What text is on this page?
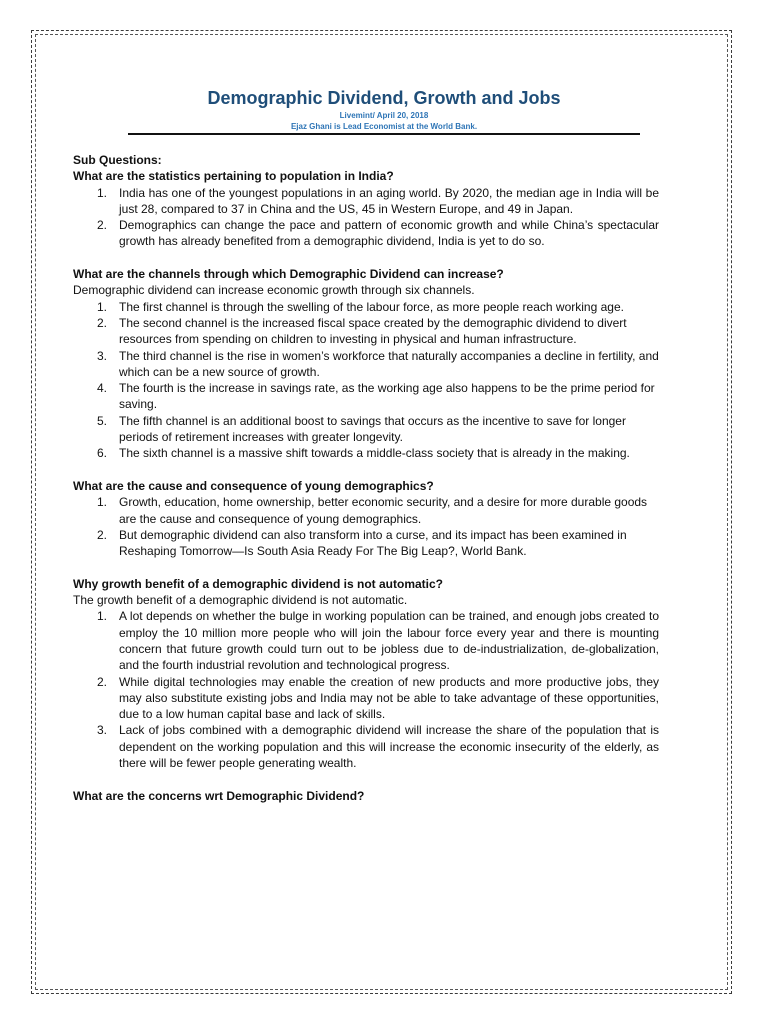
Demographic Dividend, Growth and Jobs
Livemint/ April 20, 2018
Ejaz Ghani is Lead Economist at the World Bank.

Sub Questions:

What are the statistics pertaining to population in India?

1. India has one of the youngest populations in an aging world. By 2020, the median age in India will be just 28, compared to 37 in China and the US, 45 in Western Europe, and 49 in Japan.
2. Demographics can change the pace and pattern of economic growth and while China’s spectacular growth has already benefited from a demographic dividend, India is yet to do so.

What are the channels through which Demographic Dividend can increase?

Demographic dividend can increase economic growth through six channels.

1. The first channel is through the swelling of the labour force, as more people reach working age.
2. The second channel is the increased fiscal space created by the demographic dividend to divert resources from spending on children to investing in physical and human infrastructure.
3. The third channel is the rise in women’s workforce that naturally accompanies a decline in fertility, and which can be a new source of growth.
4. The fourth is the increase in savings rate, as the working age also happens to be the prime period for saving.
5. The fifth channel is an additional boost to savings that occurs as the incentive to save for longer periods of retirement increases with greater longevity.
6. The sixth channel is a massive shift towards a middle-class society that is already in the making.

What are the cause and consequence of young demographics?

1. Growth, education, home ownership, better economic security, and a desire for more durable goods are the cause and consequence of young demographics.
2. But demographic dividend can also transform into a curse, and its impact has been examined in Reshaping Tomorrow—Is South Asia Ready For The Big Leap?, World Bank.

Why growth benefit of a demographic dividend is not automatic?

The growth benefit of a demographic dividend is not automatic.

1. A lot depends on whether the bulge in working population can be trained, and enough jobs created to employ the 10 million more people who will join the labour force every year and there is mounting concern that future growth could turn out to be jobless due to de-industrialization, de-globalization, and the fourth industrial revolution and technological progress.
2. While digital technologies may enable the creation of new products and more productive jobs, they may also substitute existing jobs and India may not be able to take advantage of these opportunities, due to a low human capital base and lack of skills.
3. Lack of jobs combined with a demographic dividend will increase the share of the population that is dependent on the working population and this will increase the economic insecurity of the elderly, as there will be fewer people generating wealth.

What are the concerns wrt Demographic Dividend?
